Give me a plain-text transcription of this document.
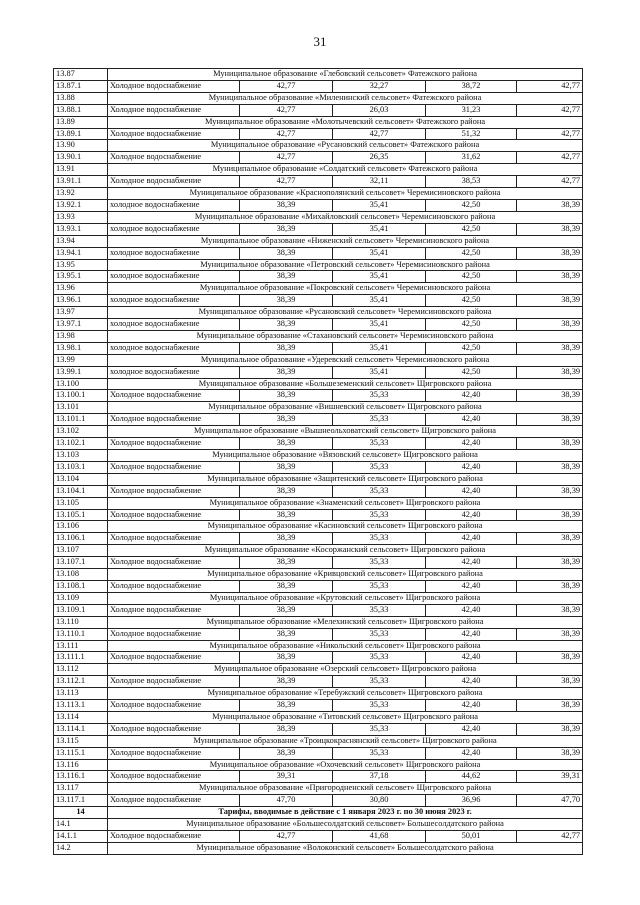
31
13.87	Муниципальное образование «Глебовский сельсовет» Фатежского района				
13.87.1	Холодное водоснабжение	42,77	32,27	38,72	42,77
13.88	Муниципальное образование «Миленинский сельсовет» Фатежского района				
13.88.1	Холодное водоснабжение	42,77	26,03	31,23	42,77
13.89	Муниципальное образование «Молотычевский сельсовет» Фатежского района				
13.89.1	Холодное водоснабжение	42,77	42,77	51,32	42,77
13.90	Муниципальное образование «Русановский сельсовет» Фатежского района				
13.90.1	Холодное водоснабжение	42,77	26,35	31,62	42,77
13.91	Муниципальное образование «Солдатский сельсовет» Фатежского района				
13.91.1	Холодное водоснабжение	42,77	32,11	38,53	42,77
13.92	Муниципальное образование «Краснополянский сельсовет» Черемисиновского района				
13.92.1	холодное водоснабжение	38,39	35,41	42,50	38,39
13.93	Муниципальное образование «Михайловский сельсовет» Черемисиновского района				
13.93.1	холодное водоснабжение	38,39	35,41	42,50	38,39
13.94	Муниципальное образование «Ниженский сельсовет» Черемисиновского района				
13.94.1	холодное водоснабжение	38,39	35,41	42,50	38,39
13.95	Муниципальное образование «Петровский сельсовет» Черемисиновского района				
13.95.1	холодное водоснабжение	38,39	35,41	42,50	38,39
13.96	Муниципальное образование «Покровский сельсовет» Черемисиновского района				
13.96.1	холодное водоснабжение	38,39	35,41	42,50	38,39
13.97	Муниципальное образование «Русановский сельсовет» Черемисиновского района				
13.97.1	холодное водоснабжение	38,39	35,41	42,50	38,39
13.98	Муниципальное образование «Стахановский сельсовет» Черемисиновского района				
13.98.1	холодное водоснабжение	38,39	35,41	42,50	38,39
13.99	Муниципальное образование «Удеревский сельсовет» Черемисиновского района				
13.99.1	холодное водоснабжение	38,39	35,41	42,50	38,39
13.100	Муниципальное образование «Большеземенский сельсовет» Щигровского района				
13.100.1	Холодное водоснабжение	38,39	35,33	42,40	38,39
13.101	Муниципальное образование «Вишневский сельсовет» Щигровского района				
13.101.1	Холодное водоснабжение	38,39	35,33	42,40	38,39
13.102	Муниципальное образование «Вышнеольховатский сельсовет» Щигровского района				
13.102.1	Холодное водоснабжение	38,39	35,33	42,40	38,39
13.103	Муниципальное образование «Вязовский сельсовет» Щигровского района				
13.103.1	Холодное водоснабжение	38,39	35,33	42,40	38,39
13.104	Муниципальное образование «Защитенский сельсовет» Щигровского района				
13.104.1	Холодное водоснабжение	38,39	35,33	42,40	38,39
13.105	Муниципальное образование «Знаменский сельсовет» Щигровского района				
13.105.1	Холодное водоснабжение	38,39	35,33	42,40	38,39
13.106	Муниципальное образование «Касиновский сельсовет» Щигровского района				
13.106.1	Холодное водоснабжение	38,39	35,33	42,40	38,39
13.107	Муниципальное образование «Косоржанский сельсовет» Щигровского района				
13.107.1	Холодное водоснабжение	38,39	35,33	42,40	38,39
13.108	Муниципальное образование «Кривцовский сельсовет» Щигровского района				
13.108.1	Холодное водоснабжение	38,39	35,33	42,40	38,39
13.109	Муниципальное образование «Крутовский сельсовет» Щигровского района				
13.109.1	Холодное водоснабжение	38,39	35,33	42,40	38,39
13.110	Муниципальное образование «Мелехинский сельсовет» Щигровского района				
13.110.1	Холодное водоснабжение	38,39	35,33	42,40	38,39
13.111	Муниципальное образование «Никольский сельсовет» Щигровского района				
13.111.1	Холодное водоснабжение	38,39	35,33	42,40	38,39
13.112	Муниципальное образование «Озерский сельсовет» Щигровского района				
13.112.1	Холодное водоснабжение	38,39	35,33	42,40	38,39
13.113	Муниципальное образование «Теребужский сельсовет» Щигровского района				
13.113.1	Холодное водоснабжение	38,39	35,33	42,40	38,39
13.114	Муниципальное образование «Титовский сельсовет» Щигровского района				
13.114.1	Холодное водоснабжение	38,39	35,33	42,40	38,39
13.115	Муниципальное образование «Троицкокраснянский сельсовет» Щигровского района				
13.115.1	Холодное водоснабжение	38,39	35,33	42,40	38,39
13.116	Муниципальное образование «Охочевский сельсовет» Щигровского района				
13.116.1	Холодное водоснабжение	39,31	37,18	44,62	39,31
13.117	Муниципальное образование «Пригородненский сельсовет» Щигровского района				
13.117.1	Холодное водоснабжение	47,70	30,80	36,96	47,70
14	Тарифы, вводимые в действие с 1 января 2023 г. по 30 июня 2023 г.				
14.1	Муниципальное образование «Большесолдатский сельсовет» Большесолдатского района				
14.1.1	Холодное водоснабжение	42,77	41,68	50,01	42,77
14.2	Муниципальное образование «Волоконский сельсовет» Большесолдатского района				
